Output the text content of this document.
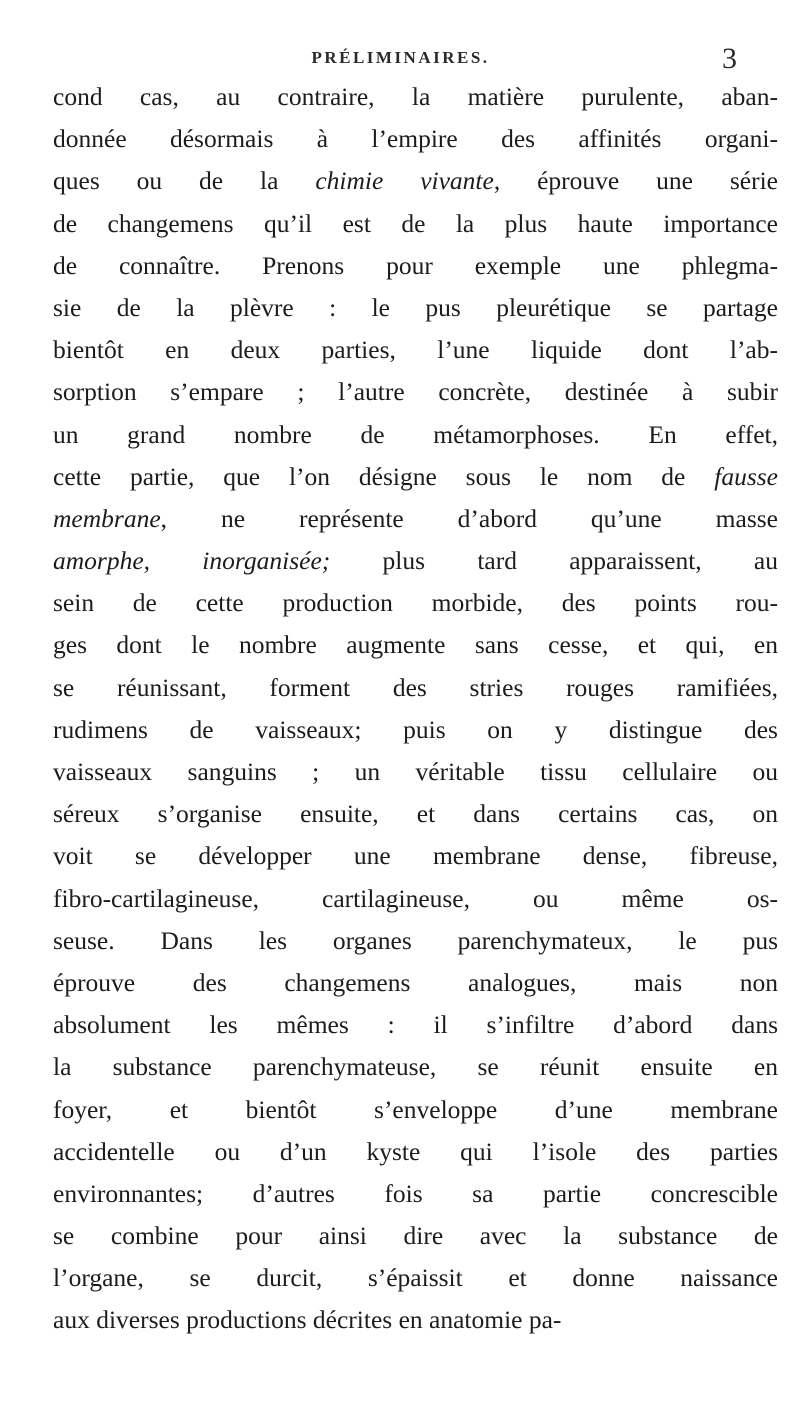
PRÉLIMINAIRES.	3
cond cas, au contraire, la matière purulente, aban-
donnée désormais à l’empire des affinités organi-
ques ou de la chimie vivante, éprouve une série
de changemens qu’il est de la plus haute importance
de connaître. Prenons pour exemple une phlegma-
sie de la plèvre : le pus pleurétique se partage
bientôt en deux parties, l’une liquide dont l’ab-
sorption s’empare ; l’autre concrète, destinée à subir
un grand nombre de métamorphoses. En effet,
cette partie, que l’on désigne sous le nom de fausse
membrane, ne représente d’abord qu’une masse
amorphe, inorganisée; plus tard apparaissent, au
sein de cette production morbide, des points rou-
ges dont le nombre augmente sans cesse, et qui, en
se réunissant, forment des stries rouges ramifiées,
rudimens de vaisseaux; puis on y distingue des
vaisseaux sanguins ; un véritable tissu cellulaire ou
séreux s’organise ensuite, et dans certains cas, on
voit se développer une membrane dense, fibreuse,
fibro-cartilagineuse, cartilagineuse, ou même os-
seuse. Dans les organes parenchymateux, le pus
éprouve des changemens analogues, mais non
absolument les mêmes : il s’infiltre d’abord dans
la substance parenchymateuse, se réunit ensuite en
foyer, et bientôt s’enveloppe d’une membrane
accidentelle ou d’un kyste qui l’isole des parties
environnantes; d’autres fois sa partie concrescible
se combine pour ainsi dire avec la substance de
l’organe, se durcit, s’épaissit et donne naissance
aux diverses productions décrites en anatomie pa-
